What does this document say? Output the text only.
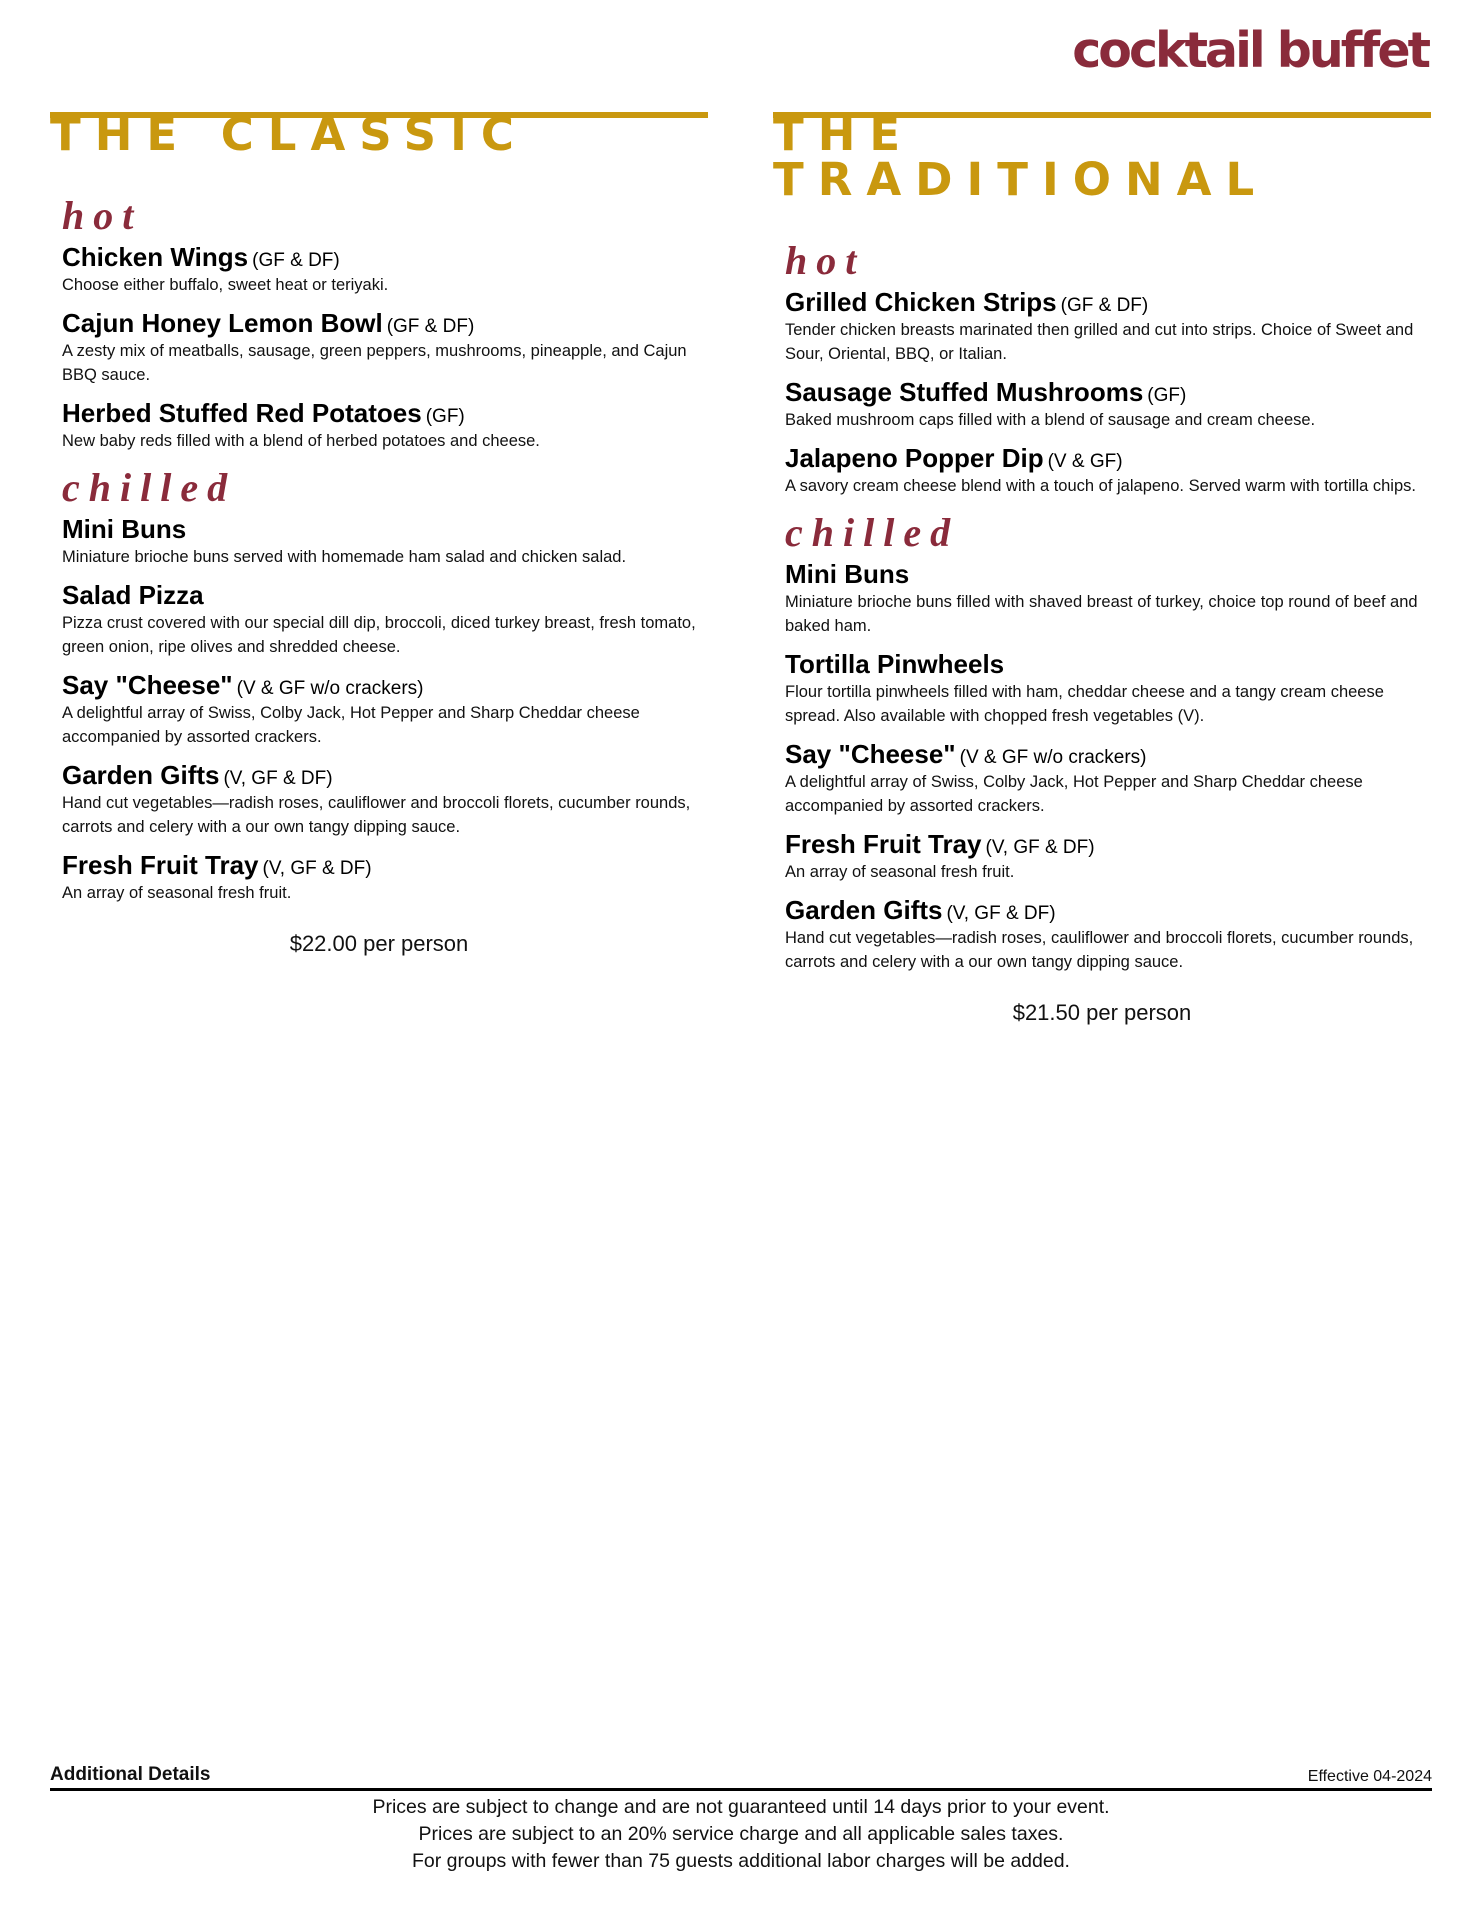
cocktail buffet
THE CLASSIC
hot
Chicken Wings (GF & DF)
Choose either buffalo, sweet heat or teriyaki.
Cajun Honey Lemon Bowl (GF & DF)
A zesty mix of meatballs, sausage, green peppers, mushrooms, pineapple, and Cajun BBQ sauce.
Herbed Stuffed Red Potatoes (GF)
New baby reds filled with a blend of herbed potatoes and cheese.
chilled
Mini Buns
Miniature brioche buns served with homemade ham salad and chicken salad.
Salad Pizza
Pizza crust covered with our special dill dip, broccoli, diced turkey breast, fresh tomato, green onion, ripe olives and shredded cheese.
Say "Cheese" (V & GF w/o crackers)
A delightful array of Swiss, Colby Jack, Hot Pepper and Sharp Cheddar cheese accompanied by assorted crackers.
Garden Gifts (V, GF & DF)
Hand cut vegetables—radish roses, cauliflower and broccoli florets, cucumber rounds, carrots and celery with a our own tangy dipping sauce.
Fresh Fruit Tray (V, GF & DF)
An array of seasonal fresh fruit.
$22.00 per person
THE TRADITIONAL
hot
Grilled Chicken Strips (GF & DF)
Tender chicken breasts marinated then grilled and cut into strips. Choice of Sweet and Sour, Oriental, BBQ, or Italian.
Sausage Stuffed Mushrooms (GF)
Baked mushroom caps filled with a blend of sausage and cream cheese.
Jalapeno Popper Dip (V & GF)
A savory cream cheese blend with a touch of jalapeno. Served warm with tortilla chips.
chilled
Mini Buns
Miniature brioche buns filled with shaved breast of turkey, choice top round of beef and baked ham.
Tortilla Pinwheels
Flour tortilla pinwheels filled with ham, cheddar cheese and a tangy cream cheese spread. Also available with chopped fresh vegetables (V).
Say "Cheese" (V & GF w/o crackers)
A delightful array of Swiss, Colby Jack, Hot Pepper and Sharp Cheddar cheese accompanied by assorted crackers.
Fresh Fruit Tray (V, GF & DF)
An array of seasonal fresh fruit.
Garden Gifts (V, GF & DF)
Hand cut vegetables—radish roses, cauliflower and broccoli florets, cucumber rounds, carrots and celery with a our own tangy dipping sauce.
$21.50 per person
Additional Details	Effective 04-2024
Prices are subject to change and are not guaranteed until 14 days prior to your event.
Prices are subject to an 20% service charge and all applicable sales taxes.
For groups with fewer than 75 guests additional labor charges will be added.
